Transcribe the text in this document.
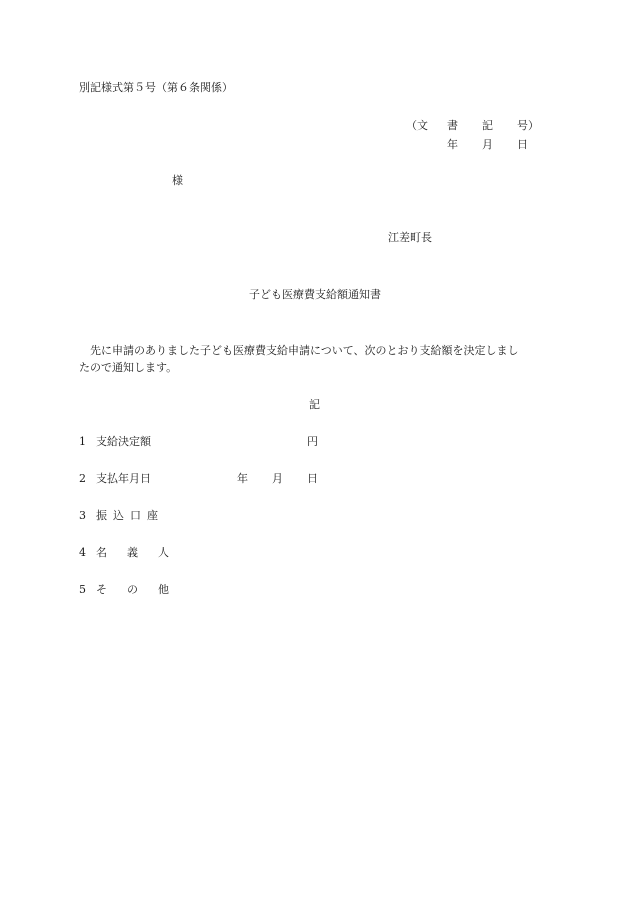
別記様式第５号（第６条関係）
（文 書 記 号）
年 月 日
様
江差町長
子ども医療費支給額通知書
先に申請のありました子ども医療費支給申請について、次のとおり支給額を決定しまし
たので通知します。
記
1 支給決定額	円
2 支払年月日	年 月 日
3 振 込 口 座
4 名 義 人
5 そ の 他
